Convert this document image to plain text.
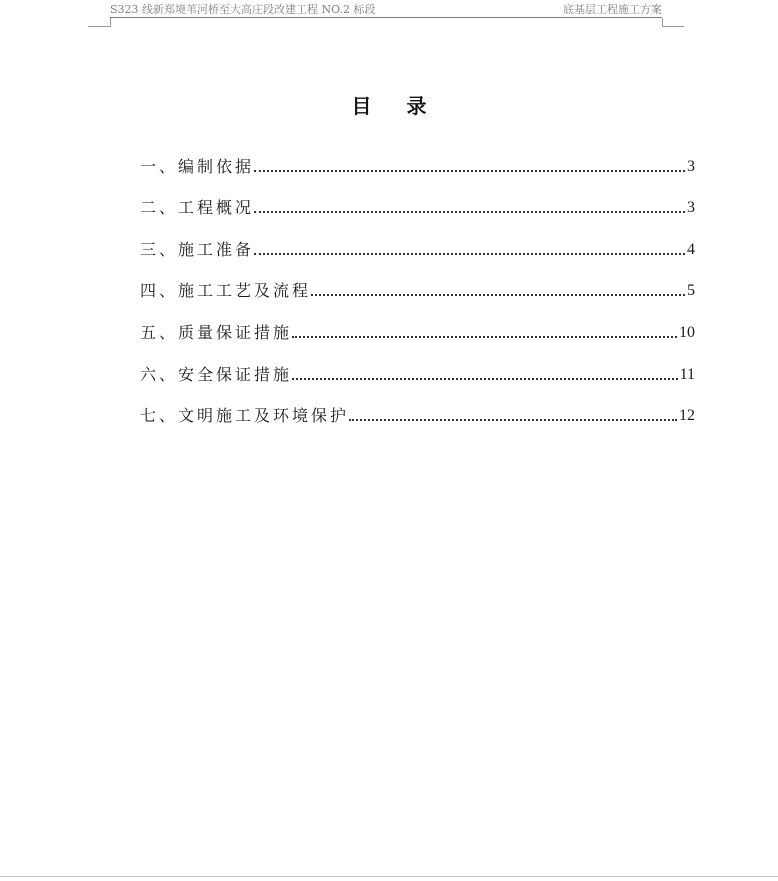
S323 线新郑境苇河桥至大高庄段改建工程 NO.2 标段	底基层工程施工方案
目 录
一、编制依据	3
二、工程概况	3
三、施工准备	4
四、施工工艺及流程	5
五、质量保证措施	10
六、安全保证措施	11
七、文明施工及环境保护	12
